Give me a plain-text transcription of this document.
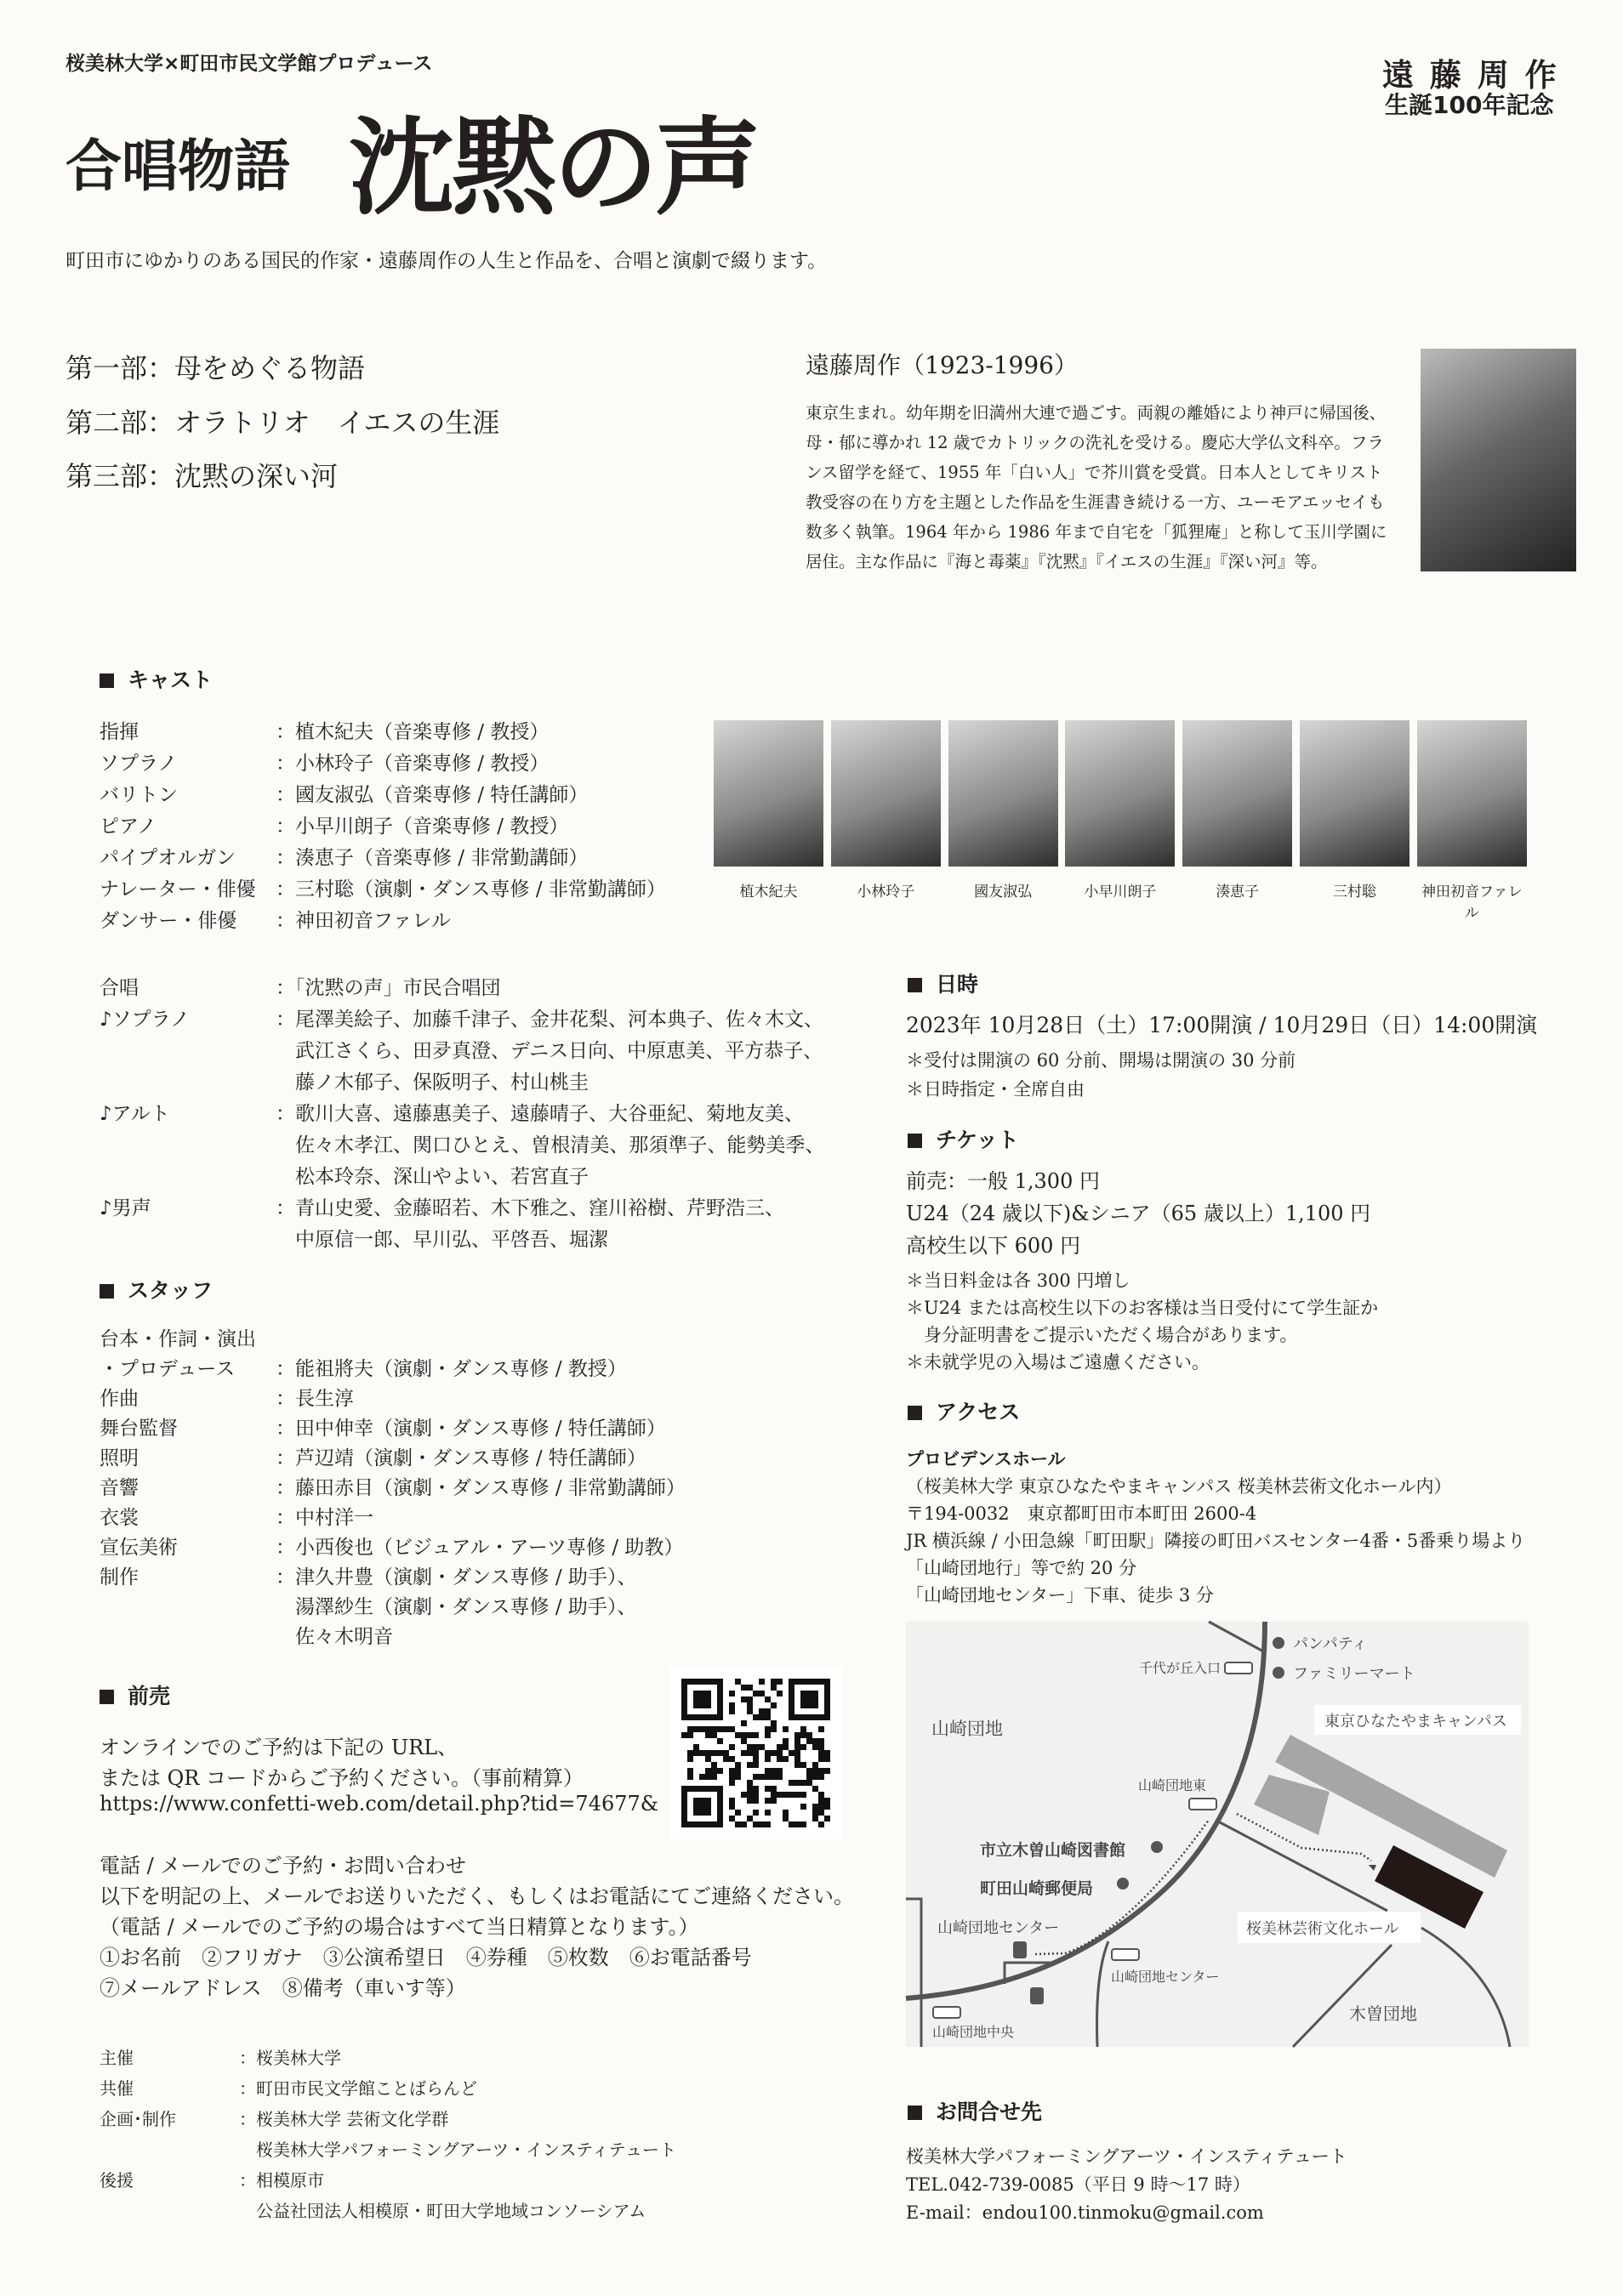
桜美林大学×町田市民文学館プロデュース
合唱物語 沈黙の声
遠 藤 周 作
生誕100年記念
町田市にゆかりのある国民的作家・遠藤周作の人生と作品を、合唱と演劇で綴ります。
第一部：母をめぐる物語
第二部：オラトリオ　イエスの生涯
第三部：沈黙の深い河
遠藤周作（1923-1996）
東京生まれ。幼年期を旧満州大連で過ごす。両親の離婚により神戸に帰国後、
母・郁に導かれ 12 歳でカトリックの洗礼を受ける。慶応大学仏文科卒。フラ
ンス留学を経て、1955 年「白い人」で芥川賞を受賞。日本人としてキリスト
教受容の在り方を主題とした作品を生涯書き続ける一方、ユーモアエッセイも
数多く執筆。1964 年から 1986 年まで自宅を「狐狸庵」と称して玉川学園に
居住。主な作品に『海と毒薬』『沈黙』『イエスの生涯』『深い河』等。
キャスト
指揮	：植木紀夫（音楽専修 / 教授）
ソプラノ	：小林玲子（音楽専修 / 教授）
バリトン	：國友淑弘（音楽専修 / 特任講師）
ピアノ	：小早川朗子（音楽専修 / 教授）
パイプオルガン ：湊恵子（音楽専修 / 非常勤講師）
ナレーター・俳優 ：三村聡（演劇・ダンス専修 / 非常勤講師）
ダンサー・俳優 ：神田初音ファレル
植木紀夫	小林玲子	國友淑弘	小早川朗子	湊恵子	三村聡	神田初音ファレル
合唱	：「沈黙の声」市民合唱団
♪ソプラノ	：尾澤美絵子、加藤千津子、金井花梨、河本典子、佐々木文、
　武江さくら、田夛真澄、デニス日向、中原恵美、平方恭子、
　藤ノ木郁子、保阪明子、村山桃圭
♪アルト	：歌川大喜、遠藤惠美子、遠藤晴子、大谷亜紀、菊地友美、
　佐々木孝江、関口ひとえ、曽根清美、那須準子、能勢美季、
　松本玲奈、深山やよい、若宮直子
♪男声	：青山史愛、金藤昭若、木下雅之、窪川裕樹、芹野浩三、
　中原信一郎、早川弘、平啓吾、堀潔
スタッフ
台本・作詞・演出
・プロデュース ：能祖將夫（演劇・ダンス専修 / 教授）
作曲	：長生淳
舞台監督	：田中伸幸（演劇・ダンス専修 / 特任講師）
照明	：芦辺靖（演劇・ダンス専修 / 特任講師）
音響	：藤田赤目（演劇・ダンス専修 / 非常勤講師）
衣裳	：中村洋一
宣伝美術	：小西俊也（ビジュアル・アーツ専修 / 助教）
制作	：津久井豊（演劇・ダンス専修 / 助手）、
　湯澤紗生（演劇・ダンス専修 / 助手）、
　佐々木明音
前売
オンラインでのご予約は下記の URL、
または QR コードからご予約ください。（事前精算）
https://www.confetti-web.com/detail.php?tid=74677&
電話 / メールでのご予約・お問い合わせ
以下を明記の上、メールでお送りいただく、もしくはお電話にてご連絡ください。
（電話 / メールでのご予約の場合はすべて当日精算となります。）
①お名前　②フリガナ　③公演希望日　④券種　⑤枚数　⑥お電話番号
⑦メールアドレス　⑧備考（車いす等）
主催	：桜美林大学
共催	：町田市民文学館ことばらんど
企画･制作	：桜美林大学 芸術文化学群
　桜美林大学パフォーミングアーツ・インスティテュート
後援	：相模原市
　公益社団法人相模原・町田大学地域コンソーシアム
日時
2023年 10月28日（土）17:00開演 / 10月29日（日）14:00開演
＊受付は開演の 60 分前、開場は開演の 30 分前
＊日時指定・全席自由
チケット
前売：一般 1,300 円
U24（24 歳以下)&シニア（65 歳以上）1,100 円
高校生以下 600 円
＊当日料金は各 300 円増し
＊U24 または高校生以下のお客様は当日受付にて学生証か
　身分証明書をご提示いただく場合があります。
＊未就学児の入場はご遠慮ください。
アクセス
プロビデンスホール
（桜美林大学 東京ひなたやまキャンパス 桜美林芸術文化ホール内）
〒194-0032　東京都町田市本町田 2600-4
JR 横浜線 / 小田急線「町田駅」隣接の町田バスセンター4番・5番乗り場より
「山崎団地行」等で約 20 分
「山崎団地センター」下車、徒歩 3 分
パンパティ
ファミリーマート
千代が丘入口
山崎団地	東京ひなたやまキャンパス
山崎団地東
市立木曽山崎図書館
町田山崎郵便局
山崎団地センター
山崎団地センター
山崎団地中央
桜美林芸術文化ホール
木曽団地
お問合せ先
桜美林大学パフォーミングアーツ・インスティテュート
TEL.042-739-0085（平日 9 時～17 時）
E-mail：endou100.tinmoku@gmail.com
